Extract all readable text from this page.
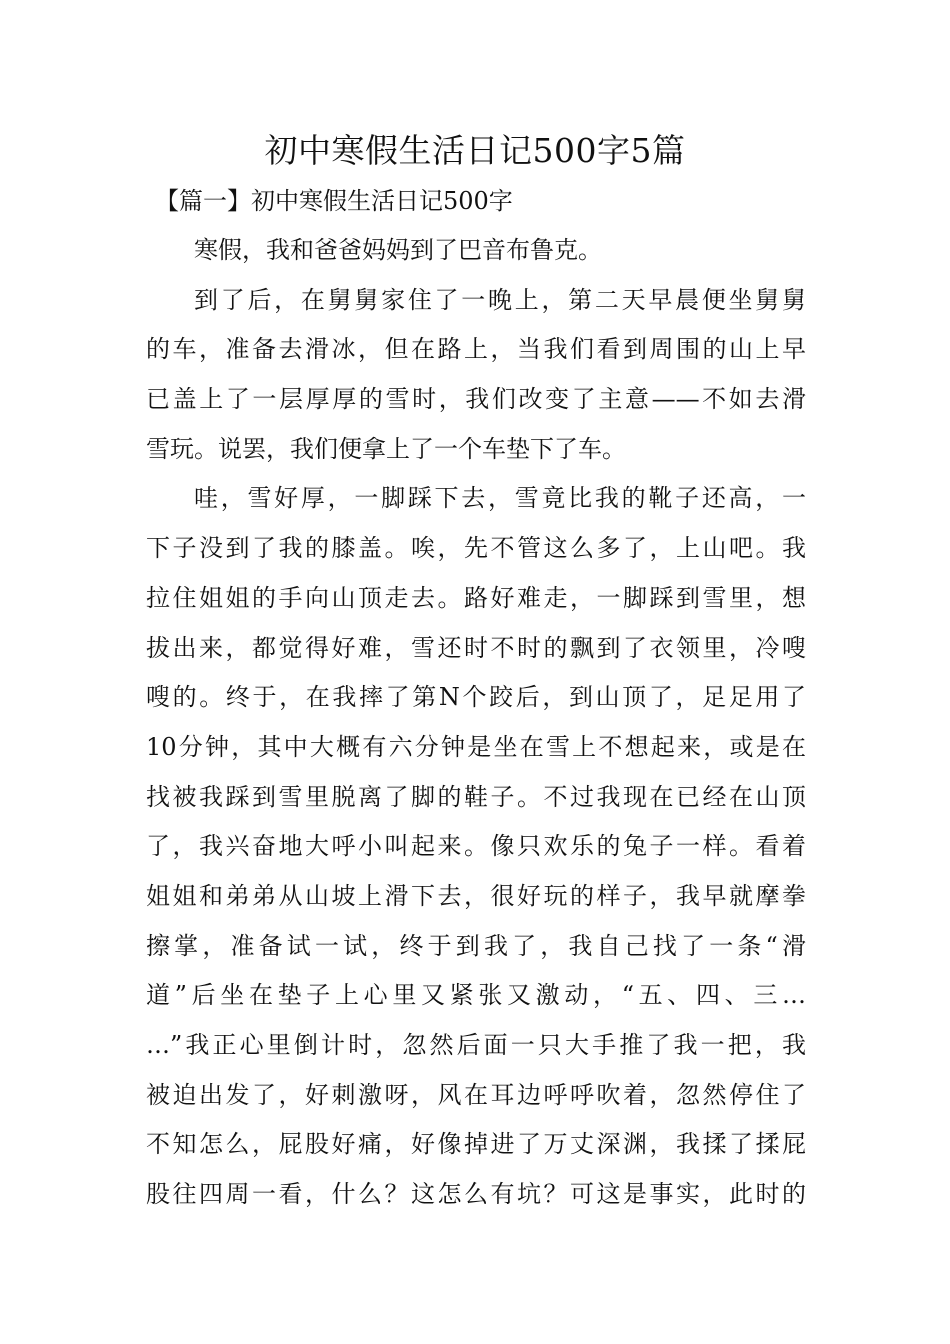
初中寒假生活日记500字5篇
【篇一】初中寒假生活日记500字
寒假，我和爸爸妈妈到了巴音布鲁克。
到了后，在舅舅家住了一晚上，第二天早晨便坐舅舅
的车，准备去滑冰，但在路上，当我们看到周围的山上早
已盖上了一层厚厚的雪时，我们改变了主意——不如去滑
雪玩。说罢，我们便拿上了一个车垫下了车。
哇，雪好厚，一脚踩下去，雪竟比我的靴子还高，一
下子没到了我的膝盖。唉，先不管这么多了，上山吧。我
拉住姐姐的手向山顶走去。路好难走，一脚踩到雪里，想
拔出来，都觉得好难，雪还时不时的飘到了衣领里，冷嗖
嗖的。终于，在我摔了第N个跤后，到山顶了，足足用了
10分钟，其中大概有六分钟是坐在雪上不想起来，或是在
找被我踩到雪里脱离了脚的鞋子。不过我现在已经在山顶
了，我兴奋地大呼小叫起来。像只欢乐的兔子一样。看着
姐姐和弟弟从山坡上滑下去，很好玩的样子，我早就摩拳
擦掌，准备试一试，终于到我了，我自己找了一条“滑
道”后坐在垫子上心里又紧张又激动，“五、四、三…
…”我正心里倒计时，忽然后面一只大手推了我一把，我
被迫出发了，好刺激呀，风在耳边呼呼吹着，忽然停住了
不知怎么，屁股好痛，好像掉进了万丈深渊，我揉了揉屁
股往四周一看，什么？这怎么有坑？可这是事实，此时的
